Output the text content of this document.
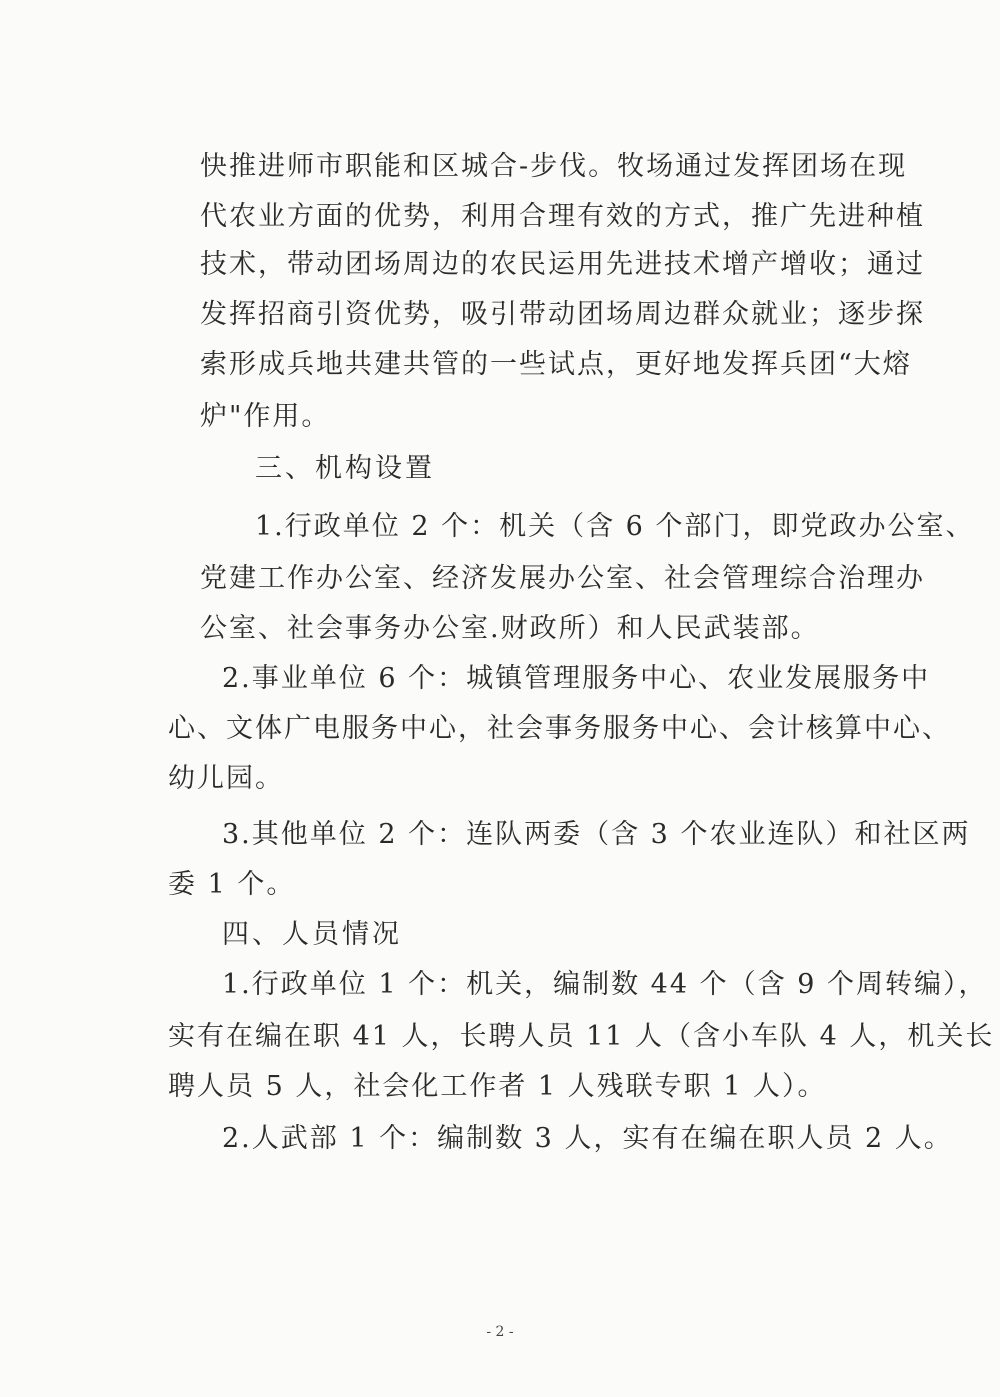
快推进师市职能和区城合-步伐。牧场通过发挥团场在现

代农业方面的优势，利用合理有效的方式，推广先进种植

技术，带动团场周边的农民运用先进技术增产增收；通过

发挥招商引资优势，吸引带动团场周边群众就业；逐步探

索形成兵地共建共管的一些试点，更好地发挥兵团“大熔

炉"作用。

三、机构设置

1.行政单位 2 个：机关（含 6 个部门，即党政办公室、

党建工作办公室、经济发展办公室、社会管理综合治理办

公室、社会事务办公室.财政所）和人民武装部。

2.事业单位 6 个：城镇管理服务中心、农业发展服务中

心、文体广电服务中心，社会事务服务中心、会计核算中心、

幼儿园。

3.其他单位 2 个：连队两委（含 3 个农业连队）和社区两

委 1 个。

四、人员情况

1.行政单位 1 个：机关，编制数 44 个（含 9 个周转编），

实有在编在职 41 人，长聘人员 11 人（含小车队 4 人，机关长

聘人员 5 人，社会化工作者 1 人残联专职 1 人）。

2.人武部 1 个：编制数 3 人，实有在编在职人员 2 人。

- 2 -
